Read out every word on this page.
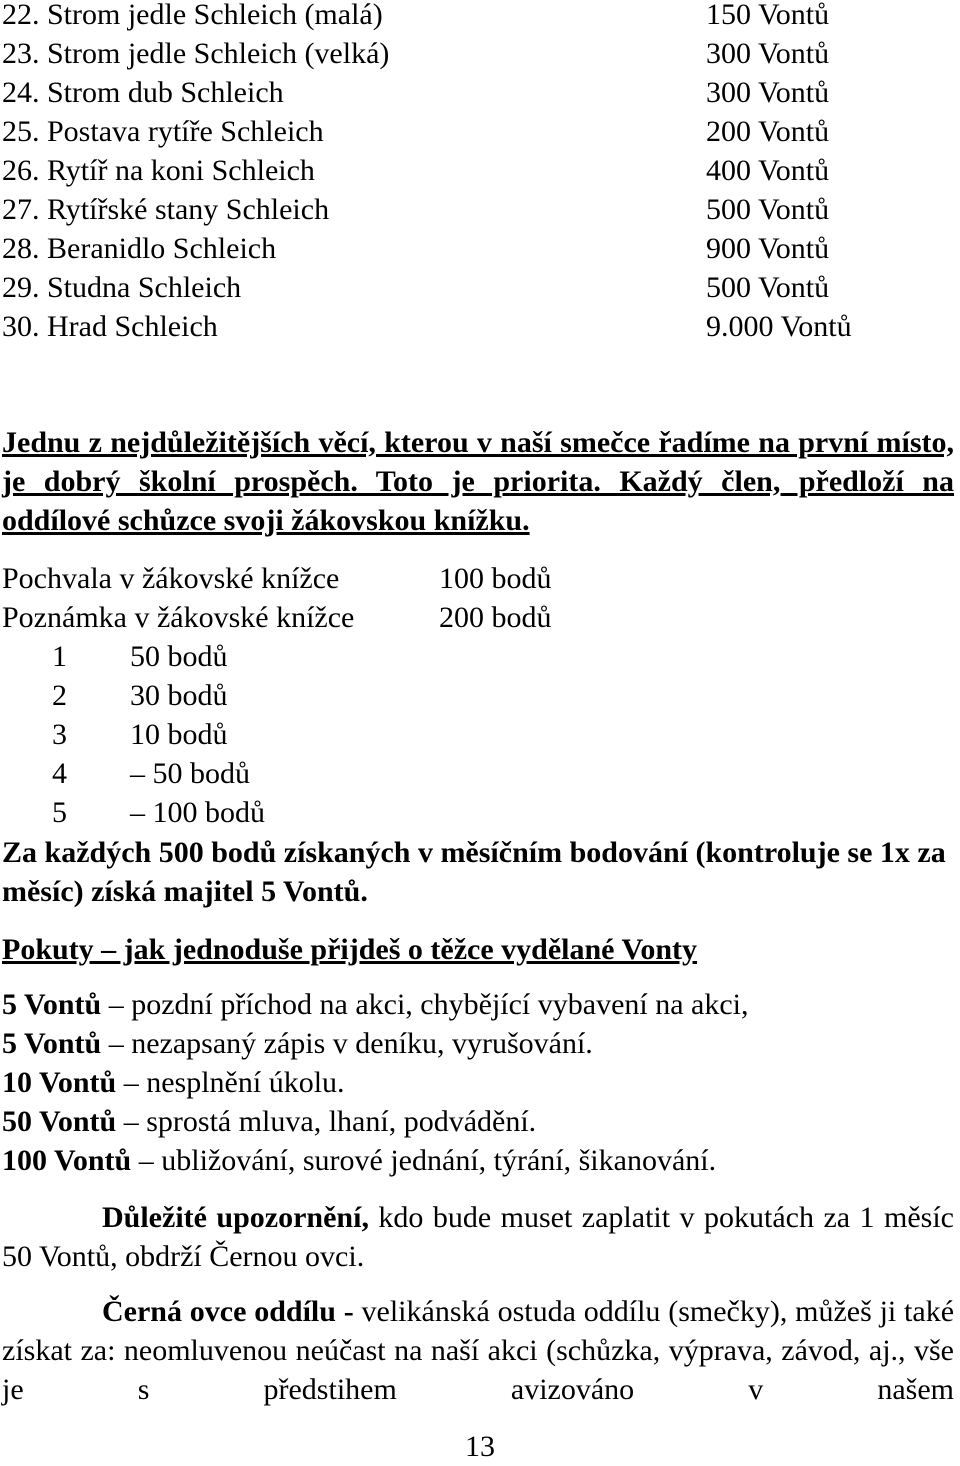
22. Strom jedle Schleich (malá)	150 Vontů
23. Strom jedle Schleich (velká)	300 Vontů
24. Strom dub Schleich	300 Vontů
25. Postava rytíře Schleich	200 Vontů
26. Rytíř na koni Schleich	400 Vontů
27. Rytířské stany Schleich	500 Vontů
28. Beranidlo Schleich	900 Vontů
29. Studna Schleich	500 Vontů
30. Hrad Schleich	9.000 Vontů

Jednu z nejdůležitějších věcí, kterou v naší smečce řadíme na první místo, je dobrý školní prospěch. Toto je priorita. Každý člen, předloží na oddílové schůzce svoji žákovskou knížku.

Pochvala v žákovské knížce	100 bodů
Poznámka v žákovské knížce	200 bodů
1 50 bodů
2 30 bodů
3 10 bodů
4 – 50 bodů
5 – 100 bodů

Za každých 500 bodů získaných v měsíčním bodování (kontroluje se 1x za měsíc) získá majitel 5 Vontů.

Pokuty – jak jednoduše přijdeš o těžce vydělané Vonty

5 Vontů – pozdní příchod na akci, chybějící vybavení na akci,
5 Vontů – nezapsaný zápis v deníku, vyrušování.
10 Vontů – nesplnění úkolu.
50 Vontů – sprostá mluva, lhaní, podvádění.
100 Vontů – ubližování, surové jednání, týrání, šikanování.

Důležité upozornění, kdo bude muset zaplatit v pokutách za 1 měsíc 50 Vontů, obdrží Černou ovci.

Černá ovce oddílu - velikánská ostuda oddílu (smečky), můžeš ji také získat za: neomluvenou neúčast na naší akci (schůzka, výprava, závod, aj., vše je s předstihem avizováno v našem

13
